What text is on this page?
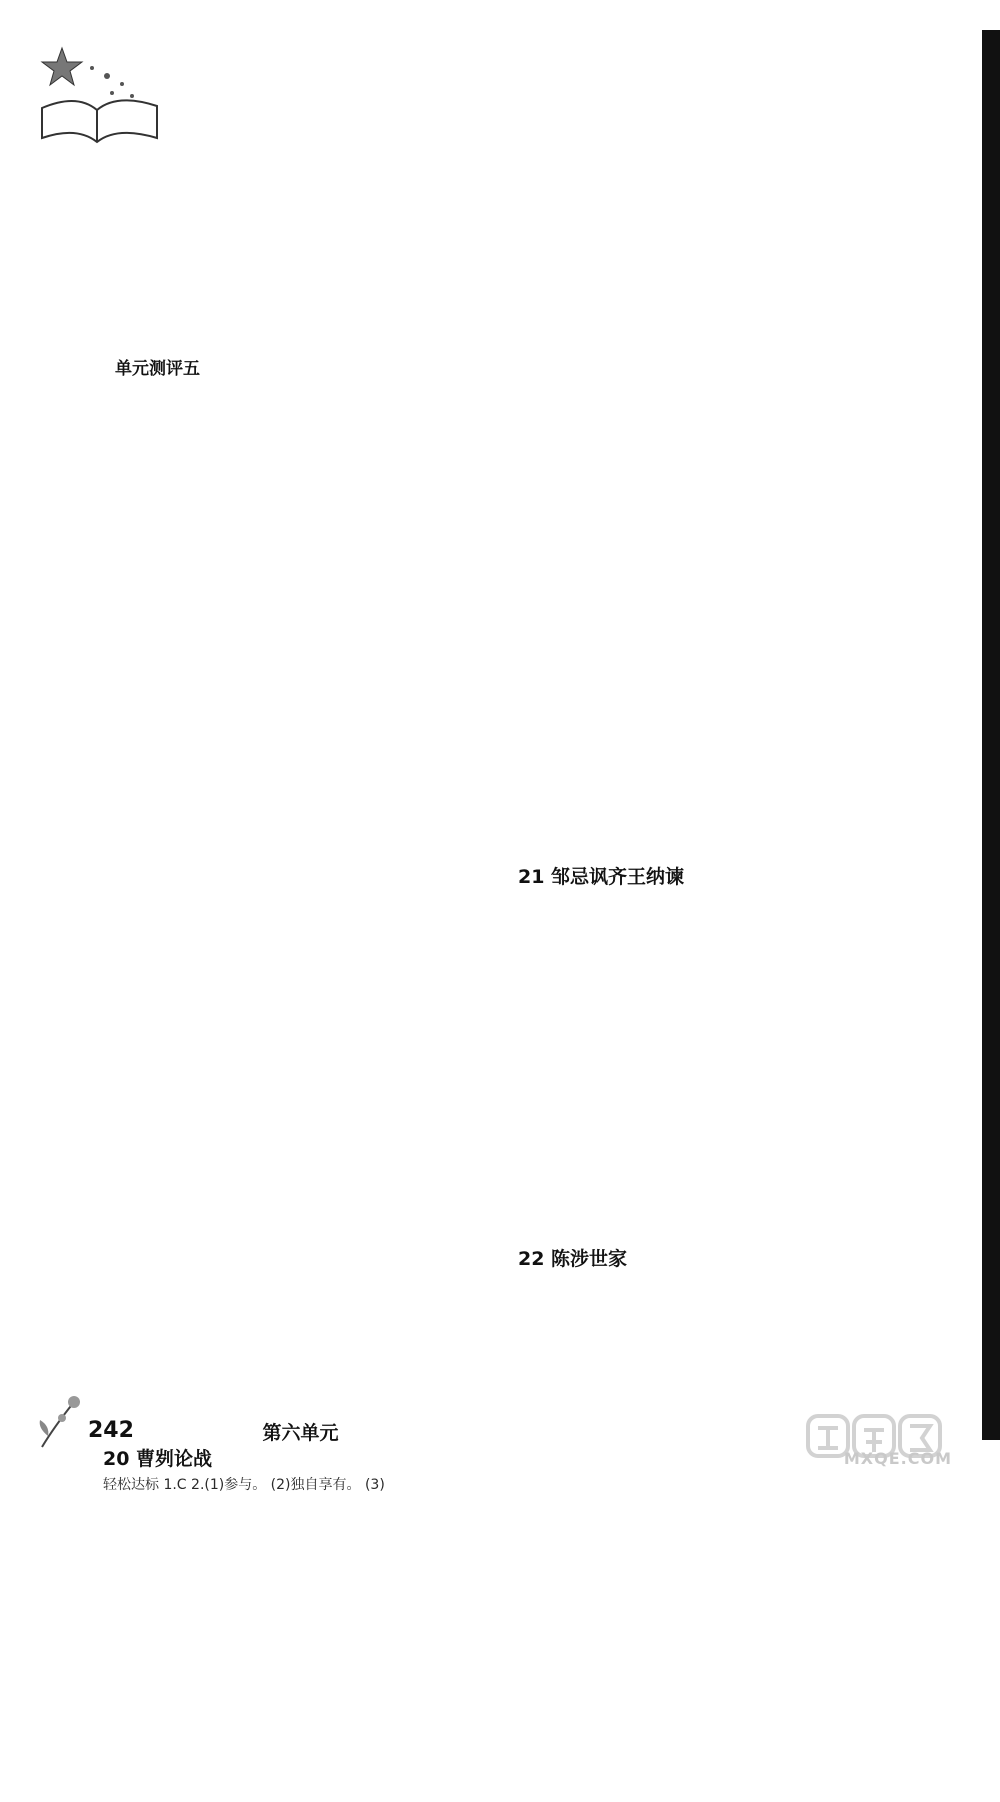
单元测评五

第六单元
20 曹刿论战
轻松达标 1.C 2.(1)参与。 (2)独自享有。 (3)

21 邹忌讽齐王纳谏

22 陈涉世家

242
MXQE.COM
